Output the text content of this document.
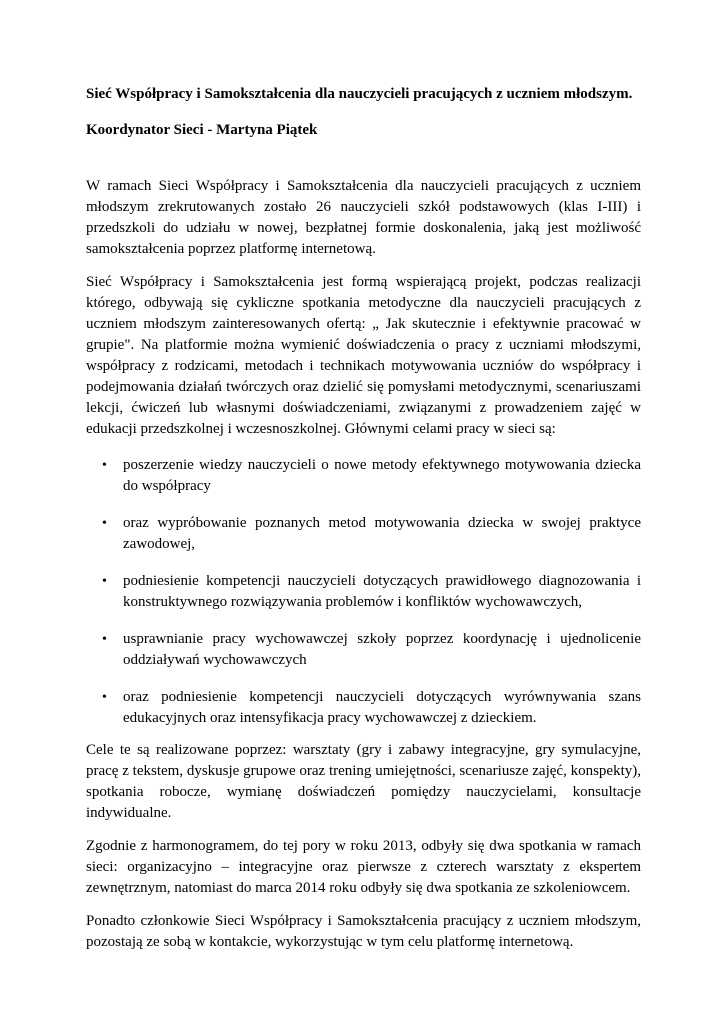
Sieć Współpracy i Samokształcenia dla nauczycieli pracujących z uczniem młodszym.

Koordynator Sieci - Martyna Piątek

W ramach Sieci Współpracy i Samokształcenia dla nauczycieli pracujących z uczniem młodszym zrekrutowanych zostało 26 nauczycieli szkół podstawowych (klas I-III) i przedszkoli do udziału w nowej, bezpłatnej formie doskonalenia, jaką jest możliwość samokształcenia poprzez platformę internetową.

Sieć Współpracy i Samokształcenia jest formą wspierającą projekt, podczas realizacji którego, odbywają się cykliczne spotkania metodyczne dla nauczycieli pracujących z uczniem młodszym zainteresowanych ofertą: „ Jak skutecznie i efektywnie pracować w grupie". Na platformie można wymienić doświadczenia o pracy z uczniami młodszymi, współpracy z rodzicami, metodach i technikach motywowania uczniów do współpracy i podejmowania działań twórczych oraz dzielić się pomysłami metodycznymi, scenariuszami lekcji, ćwiczeń lub własnymi doświadczeniami, związanymi z prowadzeniem zajęć w edukacji przedszkolnej i wczesnoszkolnej. Głównymi celami pracy w sieci są:

• poszerzenie wiedzy nauczycieli o nowe metody efektywnego motywowania dziecka do współpracy
• oraz wypróbowanie poznanych metod motywowania dziecka w swojej praktyce zawodowej,
• podniesienie kompetencji nauczycieli dotyczących prawidłowego diagnozowania i konstruktywnego rozwiązywania problemów i konfliktów wychowawczych,
• usprawnianie pracy wychowawczej szkoły poprzez koordynację i ujednolicenie oddziaływań wychowawczych
• oraz podniesienie kompetencji nauczycieli dotyczących wyrównywania szans edukacyjnych oraz intensyfikacja pracy wychowawczej z dzieckiem.

Cele te są realizowane poprzez: warsztaty (gry i zabawy integracyjne, gry symulacyjne, pracę z tekstem, dyskusje grupowe oraz trening umiejętności, scenariusze zajęć, konspekty), spotkania robocze, wymianę doświadczeń pomiędzy nauczycielami, konsultacje indywidualne.

Zgodnie z harmonogramem, do tej pory w roku 2013, odbyły się dwa spotkania w ramach sieci: organizacyjno – integracyjne oraz pierwsze z czterech warsztaty z ekspertem zewnętrznym, natomiast do marca 2014 roku odbyły się dwa spotkania ze szkoleniowcem.

Ponadto członkowie Sieci Współpracy i Samokształcenia pracujący z uczniem młodszym, pozostają ze sobą w kontakcie, wykorzystując w tym celu platformę internetową.
